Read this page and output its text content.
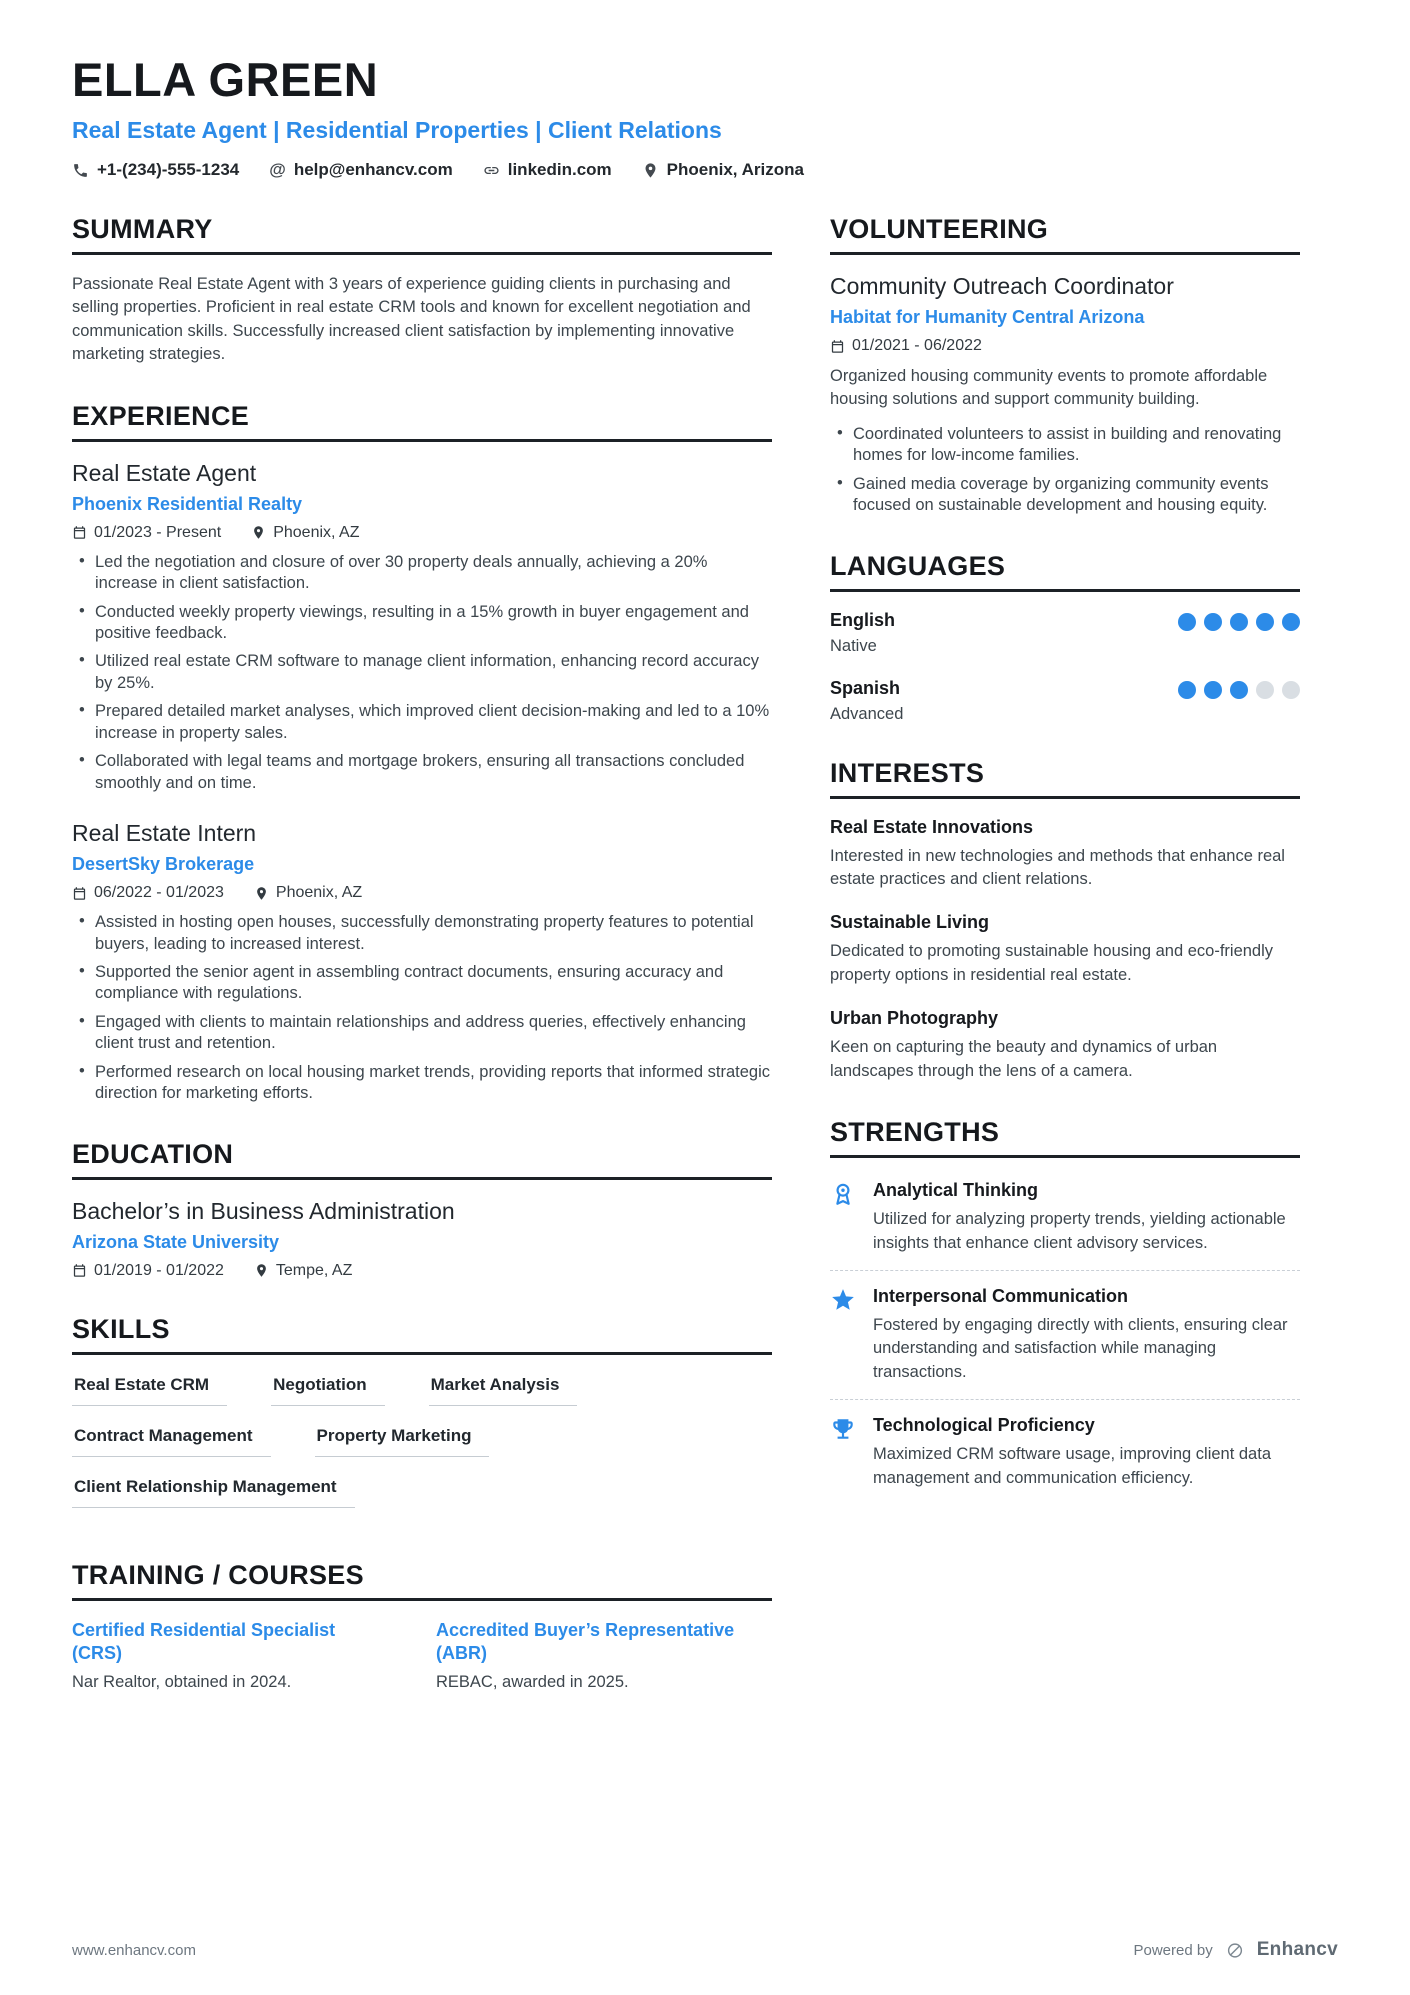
ELLA GREEN
Real Estate Agent | Residential Properties | Client Relations
+1-(234)-555-1234 @ help@enhancv.com	linkedin.com	Phoenix, Arizona
SUMMARY

Passionate Real Estate Agent with 3 years of experience guiding clients in purchasing and selling properties. Proficient in real estate CRM tools and known for excellent negotiation and communication skills. Successfully increased client satisfaction by implementing innovative marketing strategies.

EXPERIENCE
Real Estate Agent
Phoenix Residential Realty
01/2023 - Present	Phoenix, AZ
• Led the negotiation and closure of over 30 property deals annually, achieving a 20% increase in client satisfaction.
• Conducted weekly property viewings, resulting in a 15% growth in buyer engagement and positive feedback.
• Utilized real estate CRM software to manage client information, enhancing record accuracy by 25%.
• Prepared detailed market analyses, which improved client decision-making and led to a 10% increase in property sales.
• Collaborated with legal teams and mortgage brokers, ensuring all transactions concluded smoothly and on time.
Real Estate Intern
DesertSky Brokerage
06/2022 - 01/2023	Phoenix, AZ
• Assisted in hosting open houses, successfully demonstrating property features to potential buyers, leading to increased interest.
• Supported the senior agent in assembling contract documents, ensuring accuracy and compliance with regulations.
• Engaged with clients to maintain relationships and address queries, effectively enhancing client trust and retention.
• Performed research on local housing market trends, providing reports that informed strategic direction for marketing efforts.
EDUCATION
Bachelor’s in Business Administration
Arizona State University
01/2019 - 01/2022	Tempe, AZ
SKILLS
Real Estate CRM	Negotiation	Market Analysis
Contract Management	Property Marketing
Client Relationship Management
TRAINING / COURSES
Certified Residential Specialist (CRS)
Nar Realtor, obtained in 2024.
Accredited Buyer’s Representative (ABR)
REBAC, awarded in 2025.
VOLUNTEERING
Community Outreach Coordinator
Habitat for Humanity Central Arizona
01/2021 - 06/2022

Organized housing community events to promote affordable housing solutions and support community building.

• Coordinated volunteers to assist in building and renovating homes for low-income families.
• Gained media coverage by organizing community events focused on sustainable development and housing equity.
LANGUAGES
English
Native
Spanish
Advanced
INTERESTS
Real Estate Innovations

Interested in new technologies and methods that enhance real estate practices and client relations.

Sustainable Living

Dedicated to promoting sustainable housing and eco-friendly property options in residential real estate.

Urban Photography

Keen on capturing the beauty and dynamics of urban landscapes through the lens of a camera.

STRENGTHS
Analytical Thinking

Utilized for analyzing property trends, yielding actionable insights that enhance client advisory services.

Interpersonal Communication

Fostered by engaging directly with clients, ensuring clear understanding and satisfaction while managing transactions.

Technological Proficiency

Maximized CRM software usage, improving client data management and communication efficiency.

www.enhancv.com	Powered by Enhancv
